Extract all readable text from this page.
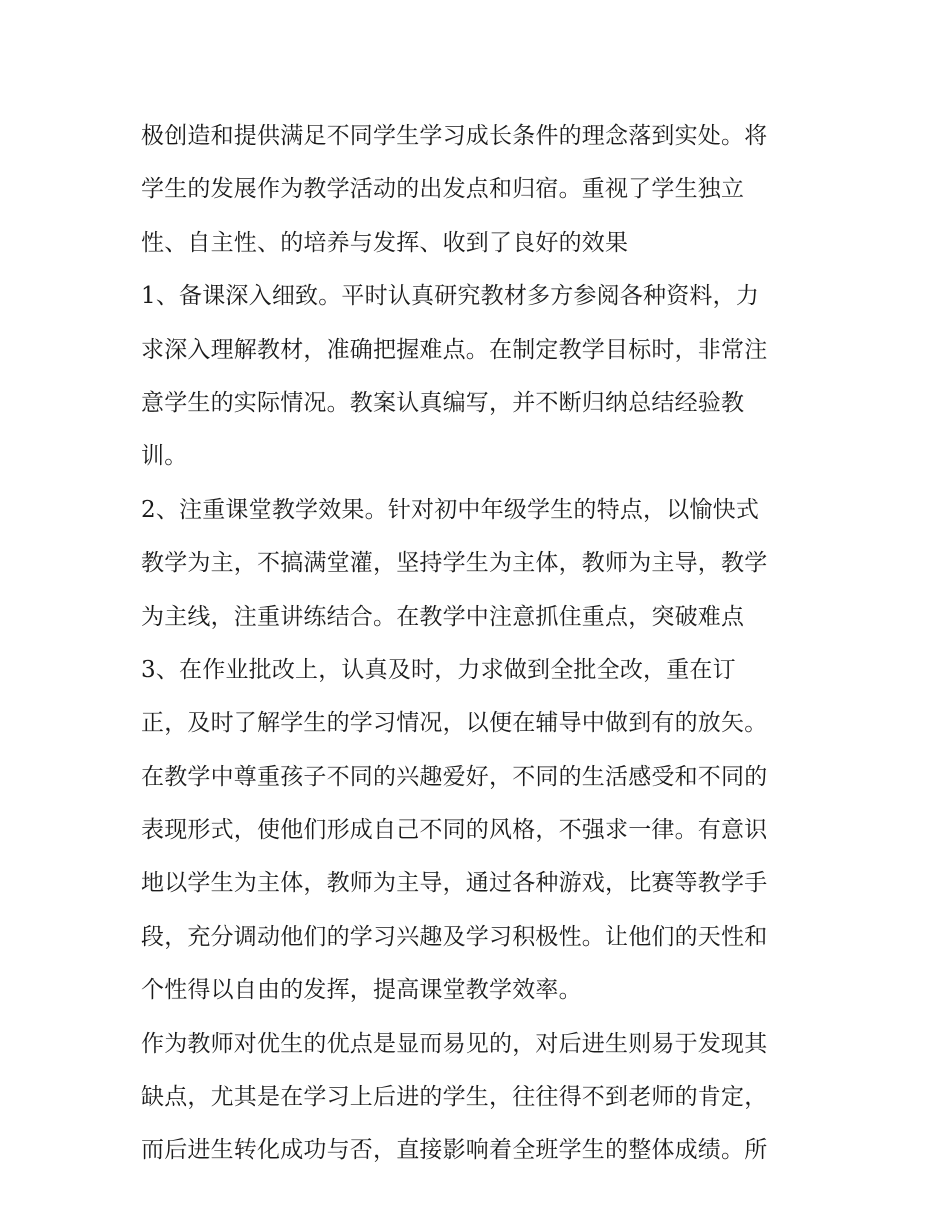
极创造和提供满足不同学生学习成长条件的理念落到实处。将
学生的发展作为教学活动的出发点和归宿。重视了学生独立
性、自主性、的培养与发挥、收到了良好的效果
1、备课深入细致。平时认真研究教材多方参阅各种资料，力
求深入理解教材，准确把握难点。在制定教学目标时，非常注
意学生的实际情况。教案认真编写，并不断归纳总结经验教
训。
2、注重课堂教学效果。针对初中年级学生的特点，以愉快式
教学为主，不搞满堂灌，坚持学生为主体，教师为主导，教学
为主线，注重讲练结合。在教学中注意抓住重点，突破难点
3、在作业批改上，认真及时，力求做到全批全改，重在订
正，及时了解学生的学习情况，以便在辅导中做到有的放矢。
在教学中尊重孩子不同的兴趣爱好，不同的生活感受和不同的
表现形式，使他们形成自己不同的风格，不强求一律。有意识
地以学生为主体，教师为主导，通过各种游戏，比赛等教学手
段，充分调动他们的学习兴趣及学习积极性。让他们的天性和
个性得以自由的发挥，提高课堂教学效率。
作为教师对优生的优点是显而易见的，对后进生则易于发现其
缺点，尤其是在学习上后进的学生，往往得不到老师的肯定，
而后进生转化成功与否，直接影响着全班学生的整体成绩。所
